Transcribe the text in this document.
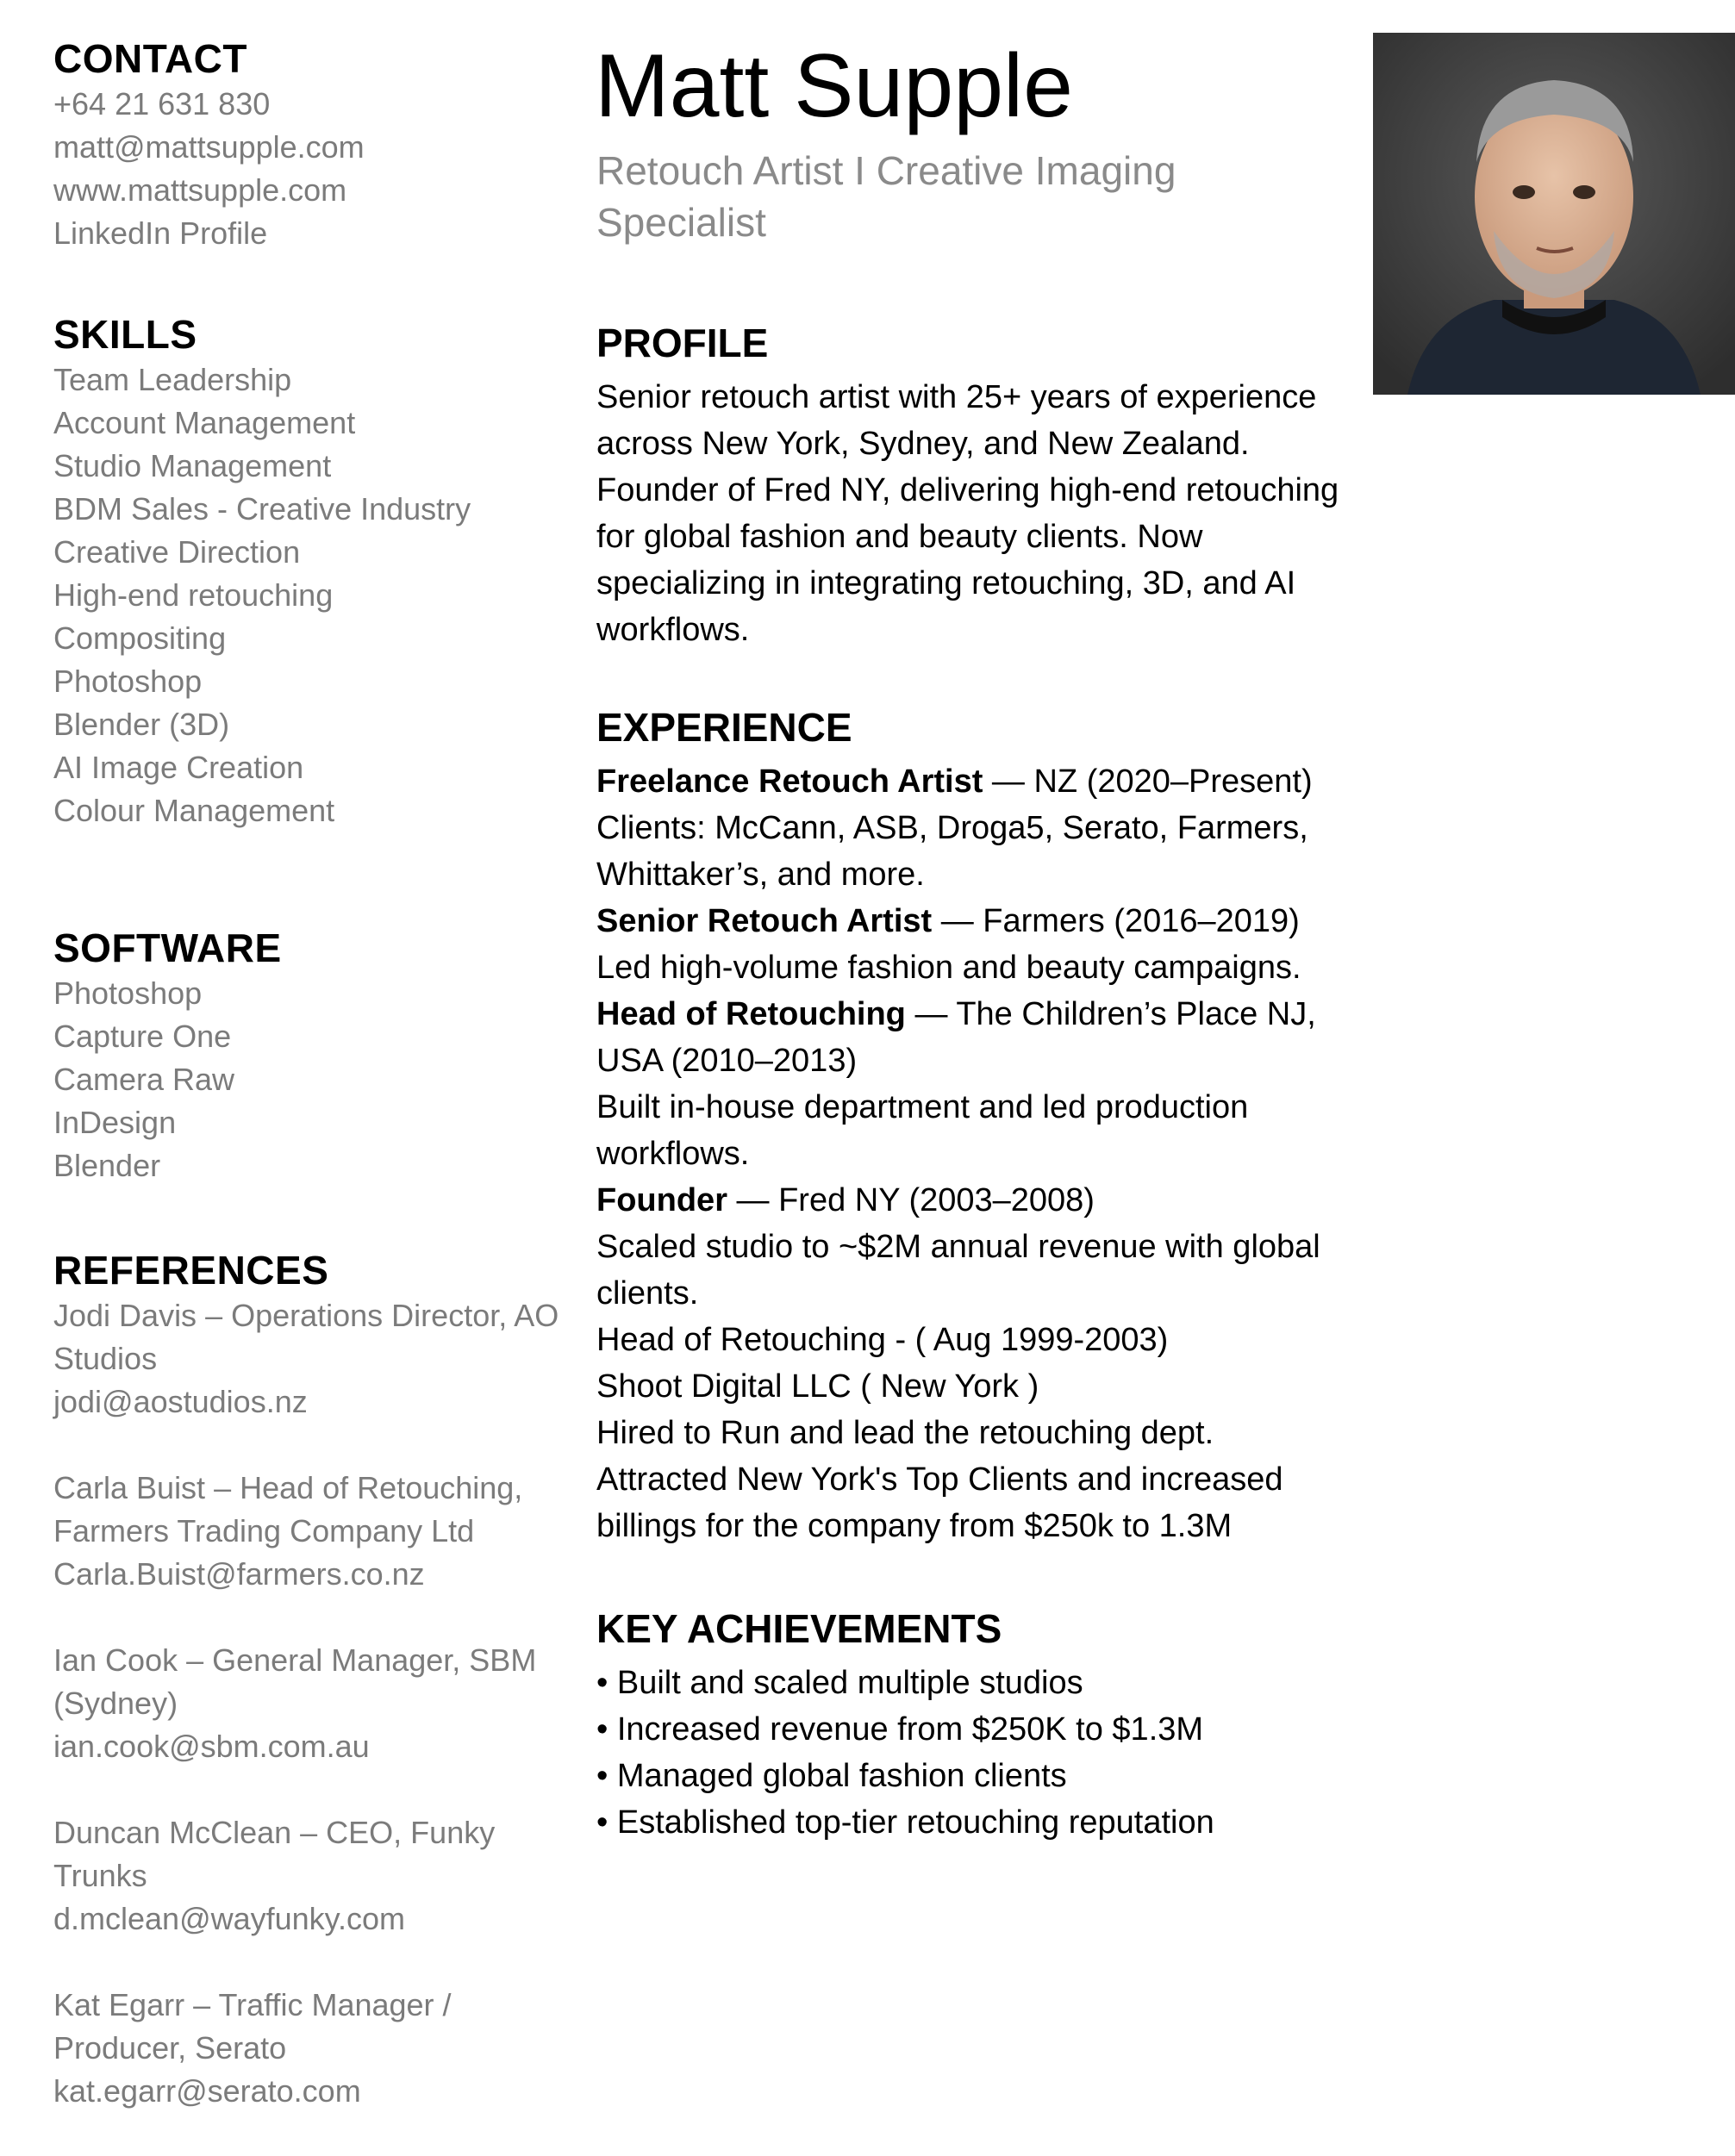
CONTACT
+64 21 631 830
matt@mattsupple.com
www.mattsupple.com
LinkedIn Profile
SKILLS
Team Leadership
Account Management
Studio Management
BDM Sales - Creative Industry
Creative Direction
High-end retouching
Compositing
Photoshop
Blender (3D)
AI Image Creation
Colour Management
SOFTWARE
Photoshop
Capture One
Camera Raw
InDesign
Blender
REFERENCES
Jodi Davis – Operations Director, AO Studios
jodi@aostudios.nz
Carla Buist – Head of Retouching, Farmers Trading Company Ltd
Carla.Buist@farmers.co.nz
Ian Cook – General Manager, SBM (Sydney)
ian.cook@sbm.com.au
Duncan McClean – CEO, Funky Trunks
d.mclean@wayfunky.com
Kat Egarr – Traffic Manager / Producer, Serato
kat.egarr@serato.com
Matt Supple
Retouch Artist I Creative Imaging Specialist
PROFILE
Senior retouch artist with 25+ years of experience across New York, Sydney, and New Zealand. Founder of Fred NY, delivering high-end retouching for global fashion and beauty clients. Now specializing in integrating retouching, 3D, and AI workflows.
EXPERIENCE
Freelance Retouch Artist — NZ (2020–Present)
Clients: McCann, ASB, Droga5, Serato, Farmers, Whittaker’s, and more.
Senior Retouch Artist — Farmers (2016–2019)
Led high-volume fashion and beauty campaigns.
Head of Retouching — The Children’s Place NJ, USA (2010–2013)
Built in-house department and led production workflows.
Founder — Fred NY (2003–2008)
Scaled studio to ~$2M annual revenue with global clients.
Head of Retouching - ( Aug 1999-2003)
Shoot Digital LLC ( New York )
Hired to Run and lead the retouching dept.
Attracted New York's Top Clients and increased billings for the company from $250k to 1.3M
KEY ACHIEVEMENTS
• Built and scaled multiple studios
• Increased revenue from $250K to $1.3M
• Managed global fashion clients
• Established top-tier retouching reputation
